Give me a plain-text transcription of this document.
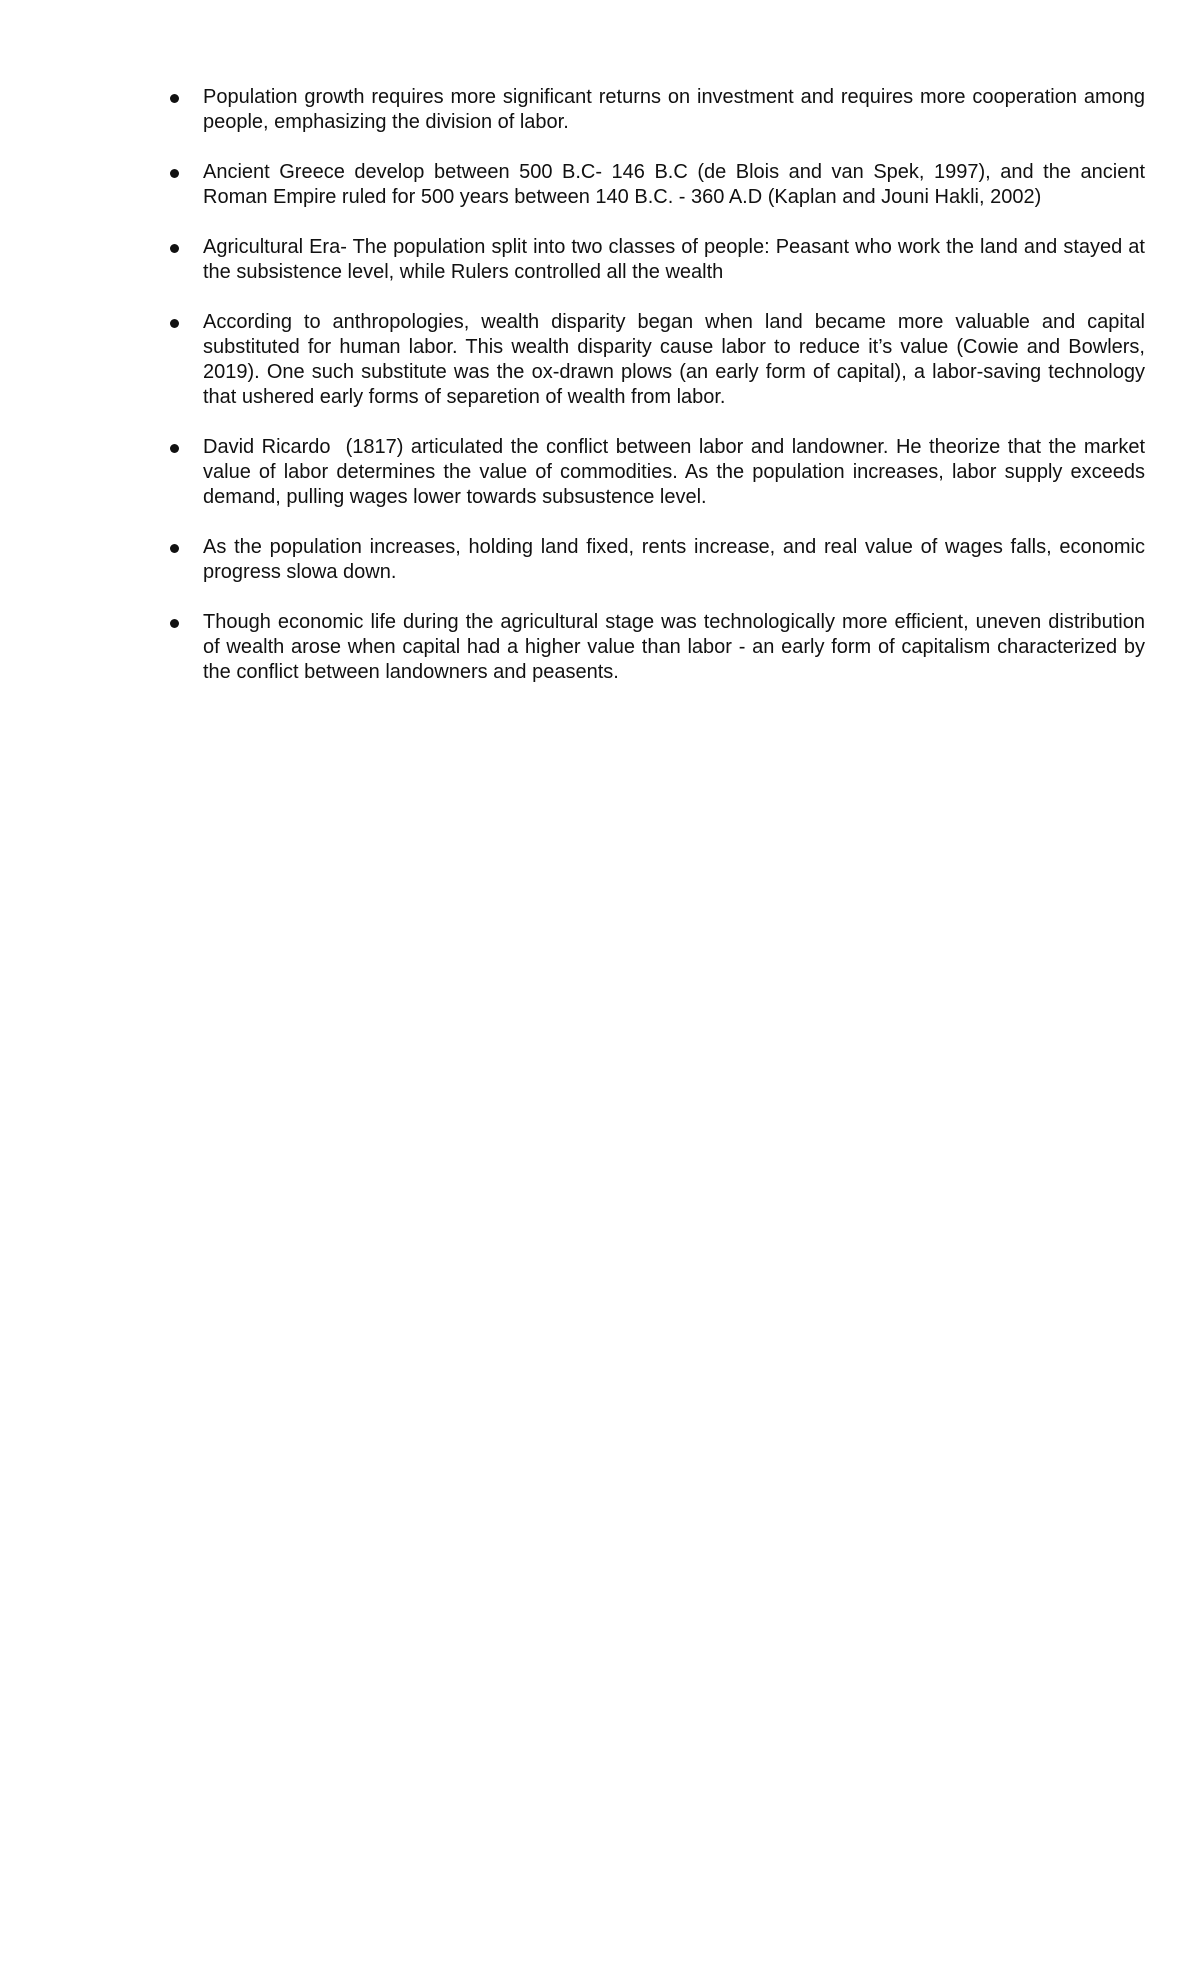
Population growth requires more significant returns on investment and requires more cooperation among people, emphasizing the division of labor.
Ancient Greece develop between 500 B.C- 146 B.C (de Blois and van Spek, 1997), and the ancient Roman Empire ruled for 500 years between 140 B.C. - 360 A.D (Kaplan and Jouni Hakli, 2002)
Agricultural Era- The population split into two classes of people: Peasant who work the land and stayed at the subsistence level, while Rulers controlled all the wealth
According to anthropologies, wealth disparity began when land became more valuable and capital substituted for human labor. This wealth disparity cause labor to reduce it’s value (Cowie and Bowlers, 2019). One such substitute was the ox-drawn plows (an early form of capital), a labor-saving technology that ushered early forms of separetion of wealth from labor.
David Ricardo  (1817) articulated the conflict between labor and landowner. He theorize that the market value of labor determines the value of commodities. As the population increases, labor supply exceeds demand, pulling wages lower towards subsustence level.
As the population increases, holding land fixed, rents increase, and real value of wages falls, economic progress slowa down.
Though economic life during the agricultural stage was technologically more efficient, uneven distribution of wealth arose when capital had a higher value than labor - an early form of capitalism characterized by the conflict between landowners and peasents.
